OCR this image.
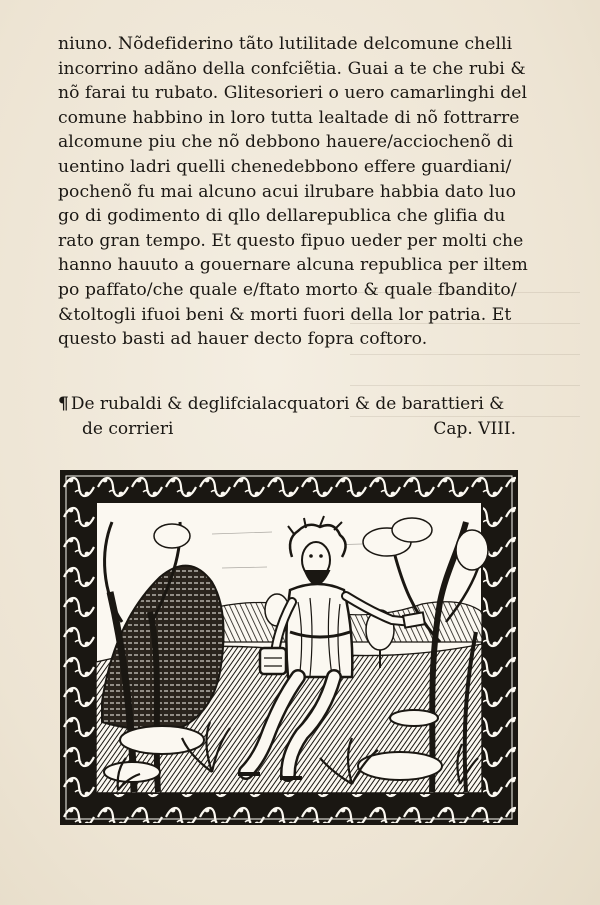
niuno. Nõdefiderino tãto lutilitade delcomune chelli
incorrino adãno della confciẽtia. Guai a te che rubi &
nõ farai tu rubato. Glitesorieri o uero camarlinghi del
comune habbino in loro tutta lealtade di nõ fottrarre
alcomune piu che nõ debbono hauere/acciochenõ di
uentino ladri quelli chenedebbono effere guardiani/
pochenõ fu mai alcuno acui ilrubare habbia dato luo
go di godimento di qllo dellarepublica che glifia du
rato gran tempo. Et questo fipuo ueder per molti che
hanno hauuto a gouernare alcuna republica per iltem
po paffato/che quale e/ftato morto & quale fbandito/
&toltogli ifuoi beni & morti fuori della lor patria. Et
questo basti ad hauer decto fopra coftoro.
¶ De rubaldi & deglifcialacquatori & de barattieri &
de corrieri	Cap. VIII.
